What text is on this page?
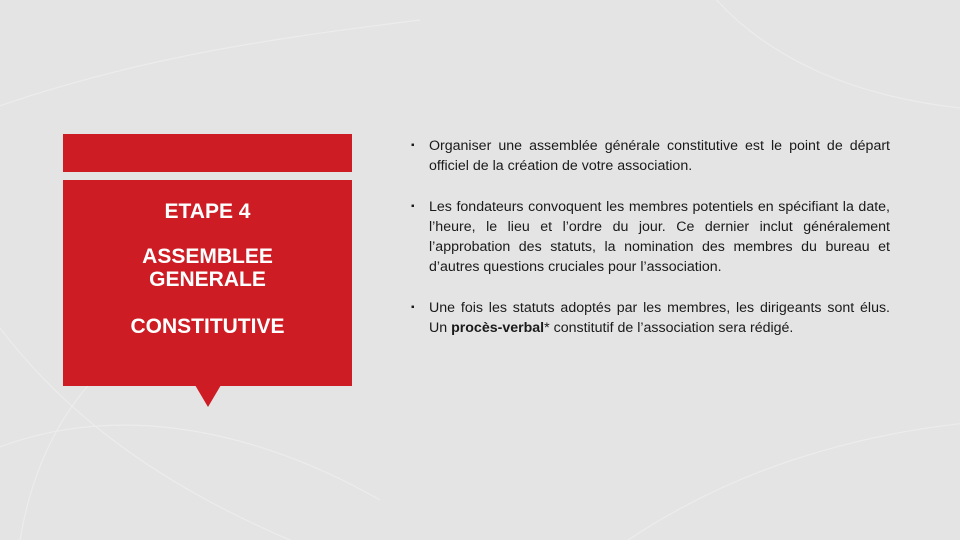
ETAPE 4
ASSEMBLEE
GENERALE
CONSTITUTIVE
▪ Organiser une assemblée générale constitutive est le point de départ officiel de la création de votre association.
▪ Les fondateurs convoquent les membres potentiels en spécifiant la date, l’heure, le lieu et l’ordre du jour. Ce dernier inclut généralement l’approbation des statuts, la nomination des membres du bureau et d’autres questions cruciales pour l’association.
▪ Une fois les statuts adoptés par les membres, les dirigeants sont élus. Un procès-verbal* constitutif de l’association sera rédigé.
